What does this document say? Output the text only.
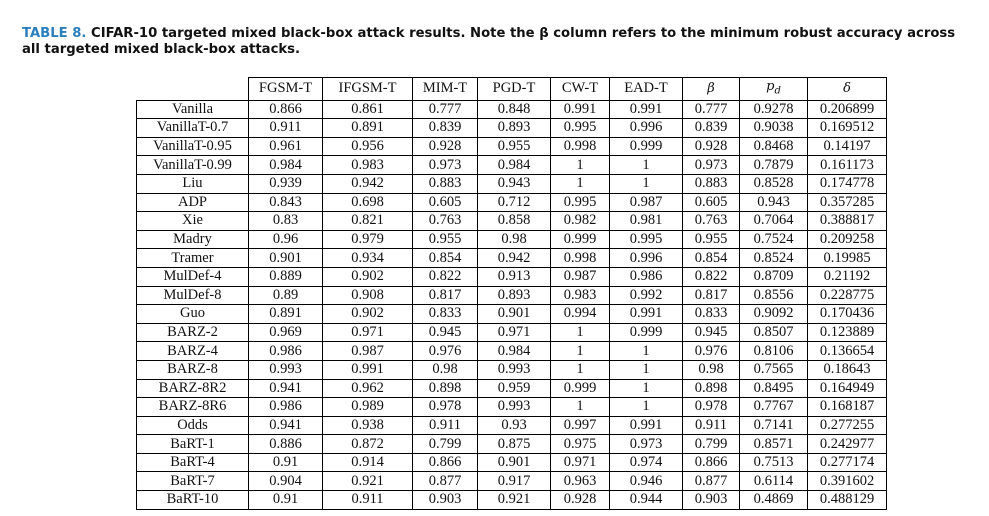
TABLE 8. CIFAR-10 targeted mixed black-box attack results. Note the β column refers to the minimum robust accuracy across all targeted mixed black-box attacks.
	FGSM-T	IFGSM-T	MIM-T	PGD-T	CW-T	EAD-T	β	$p_d$	δ
Vanilla	0.866	0.861	0.777	0.848	0.991	0.991	0.777	0.9278	0.206899
VanillaT-0.7	0.911	0.891	0.839	0.893	0.995	0.996	0.839	0.9038	0.169512
VanillaT-0.95	0.961	0.956	0.928	0.955	0.998	0.999	0.928	0.8468	0.14197
VanillaT-0.99	0.984	0.983	0.973	0.984	1	1	0.973	0.7879	0.161173
Liu	0.939	0.942	0.883	0.943	1	1	0.883	0.8528	0.174778
ADP	0.843	0.698	0.605	0.712	0.995	0.987	0.605	0.943	0.357285
Xie	0.83	0.821	0.763	0.858	0.982	0.981	0.763	0.7064	0.388817
Madry	0.96	0.979	0.955	0.98	0.999	0.995	0.955	0.7524	0.209258
Tramer	0.901	0.934	0.854	0.942	0.998	0.996	0.854	0.8524	0.19985
MulDef-4	0.889	0.902	0.822	0.913	0.987	0.986	0.822	0.8709	0.21192
MulDef-8	0.89	0.908	0.817	0.893	0.983	0.992	0.817	0.8556	0.228775
Guo	0.891	0.902	0.833	0.901	0.994	0.991	0.833	0.9092	0.170436
BARZ-2	0.969	0.971	0.945	0.971	1	0.999	0.945	0.8507	0.123889
BARZ-4	0.986	0.987	0.976	0.984	1	1	0.976	0.8106	0.136654
BARZ-8	0.993	0.991	0.98	0.993	1	1	0.98	0.7565	0.18643
BARZ-8R2	0.941	0.962	0.898	0.959	0.999	1	0.898	0.8495	0.164949
BARZ-8R6	0.986	0.989	0.978	0.993	1	1	0.978	0.7767	0.168187
Odds	0.941	0.938	0.911	0.93	0.997	0.991	0.911	0.7141	0.277255
BaRT-1	0.886	0.872	0.799	0.875	0.975	0.973	0.799	0.8571	0.242977
BaRT-4	0.91	0.914	0.866	0.901	0.971	0.974	0.866	0.7513	0.277174
BaRT-7	0.904	0.921	0.877	0.917	0.963	0.946	0.877	0.6114	0.391602
BaRT-10	0.91	0.911	0.903	0.921	0.928	0.944	0.903	0.4869	0.488129
